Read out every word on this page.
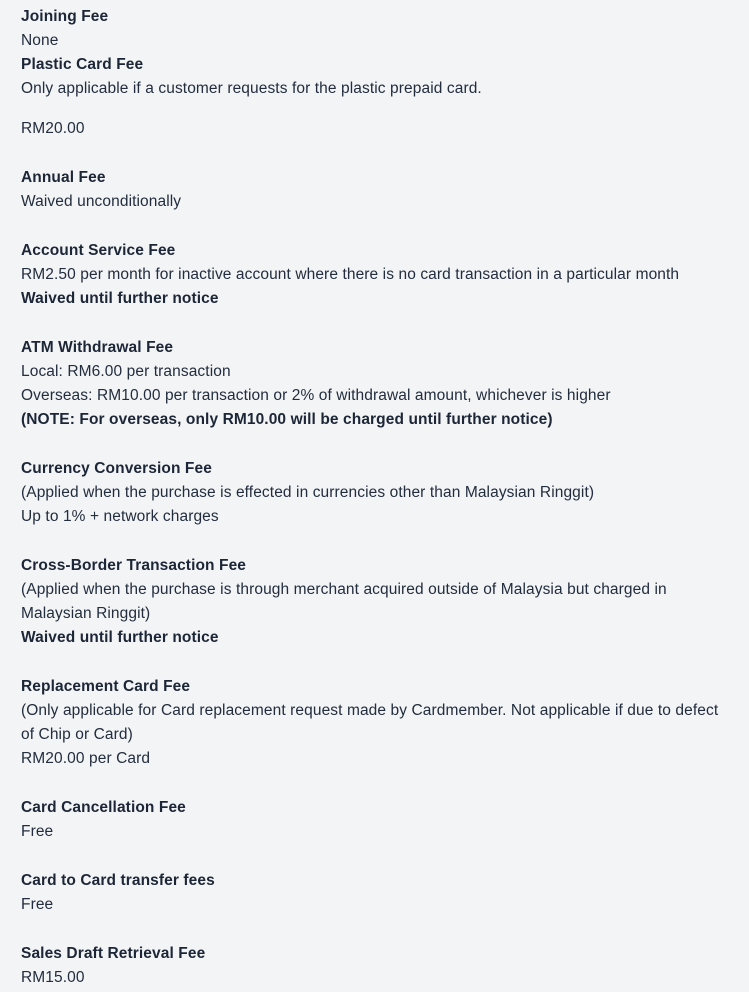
Joining Fee

None

Plastic Card Fee

Only applicable if a customer requests for the plastic prepaid card.

RM20.00

Annual Fee

Waived unconditionally

Account Service Fee

RM2.50 per month for inactive account where there is no card transaction in a particular month

Waived until further notice

ATM Withdrawal Fee

Local: RM6.00 per transaction

Overseas: RM10.00 per transaction or 2% of withdrawal amount, whichever is higher

(NOTE: For overseas, only RM10.00 will be charged until further notice)

Currency Conversion Fee

(Applied when the purchase is effected in currencies other than Malaysian Ringgit)

Up to 1% + network charges

Cross-Border Transaction Fee

(Applied when the purchase is through merchant acquired outside of Malaysia but charged in Malaysian Ringgit)

Waived until further notice

Replacement Card Fee

(Only applicable for Card replacement request made by Cardmember. Not applicable if due to defect of Chip or Card)

RM20.00 per Card

Card Cancellation Fee

Free

Card to Card transfer fees

Free

Sales Draft Retrieval Fee

RM15.00
